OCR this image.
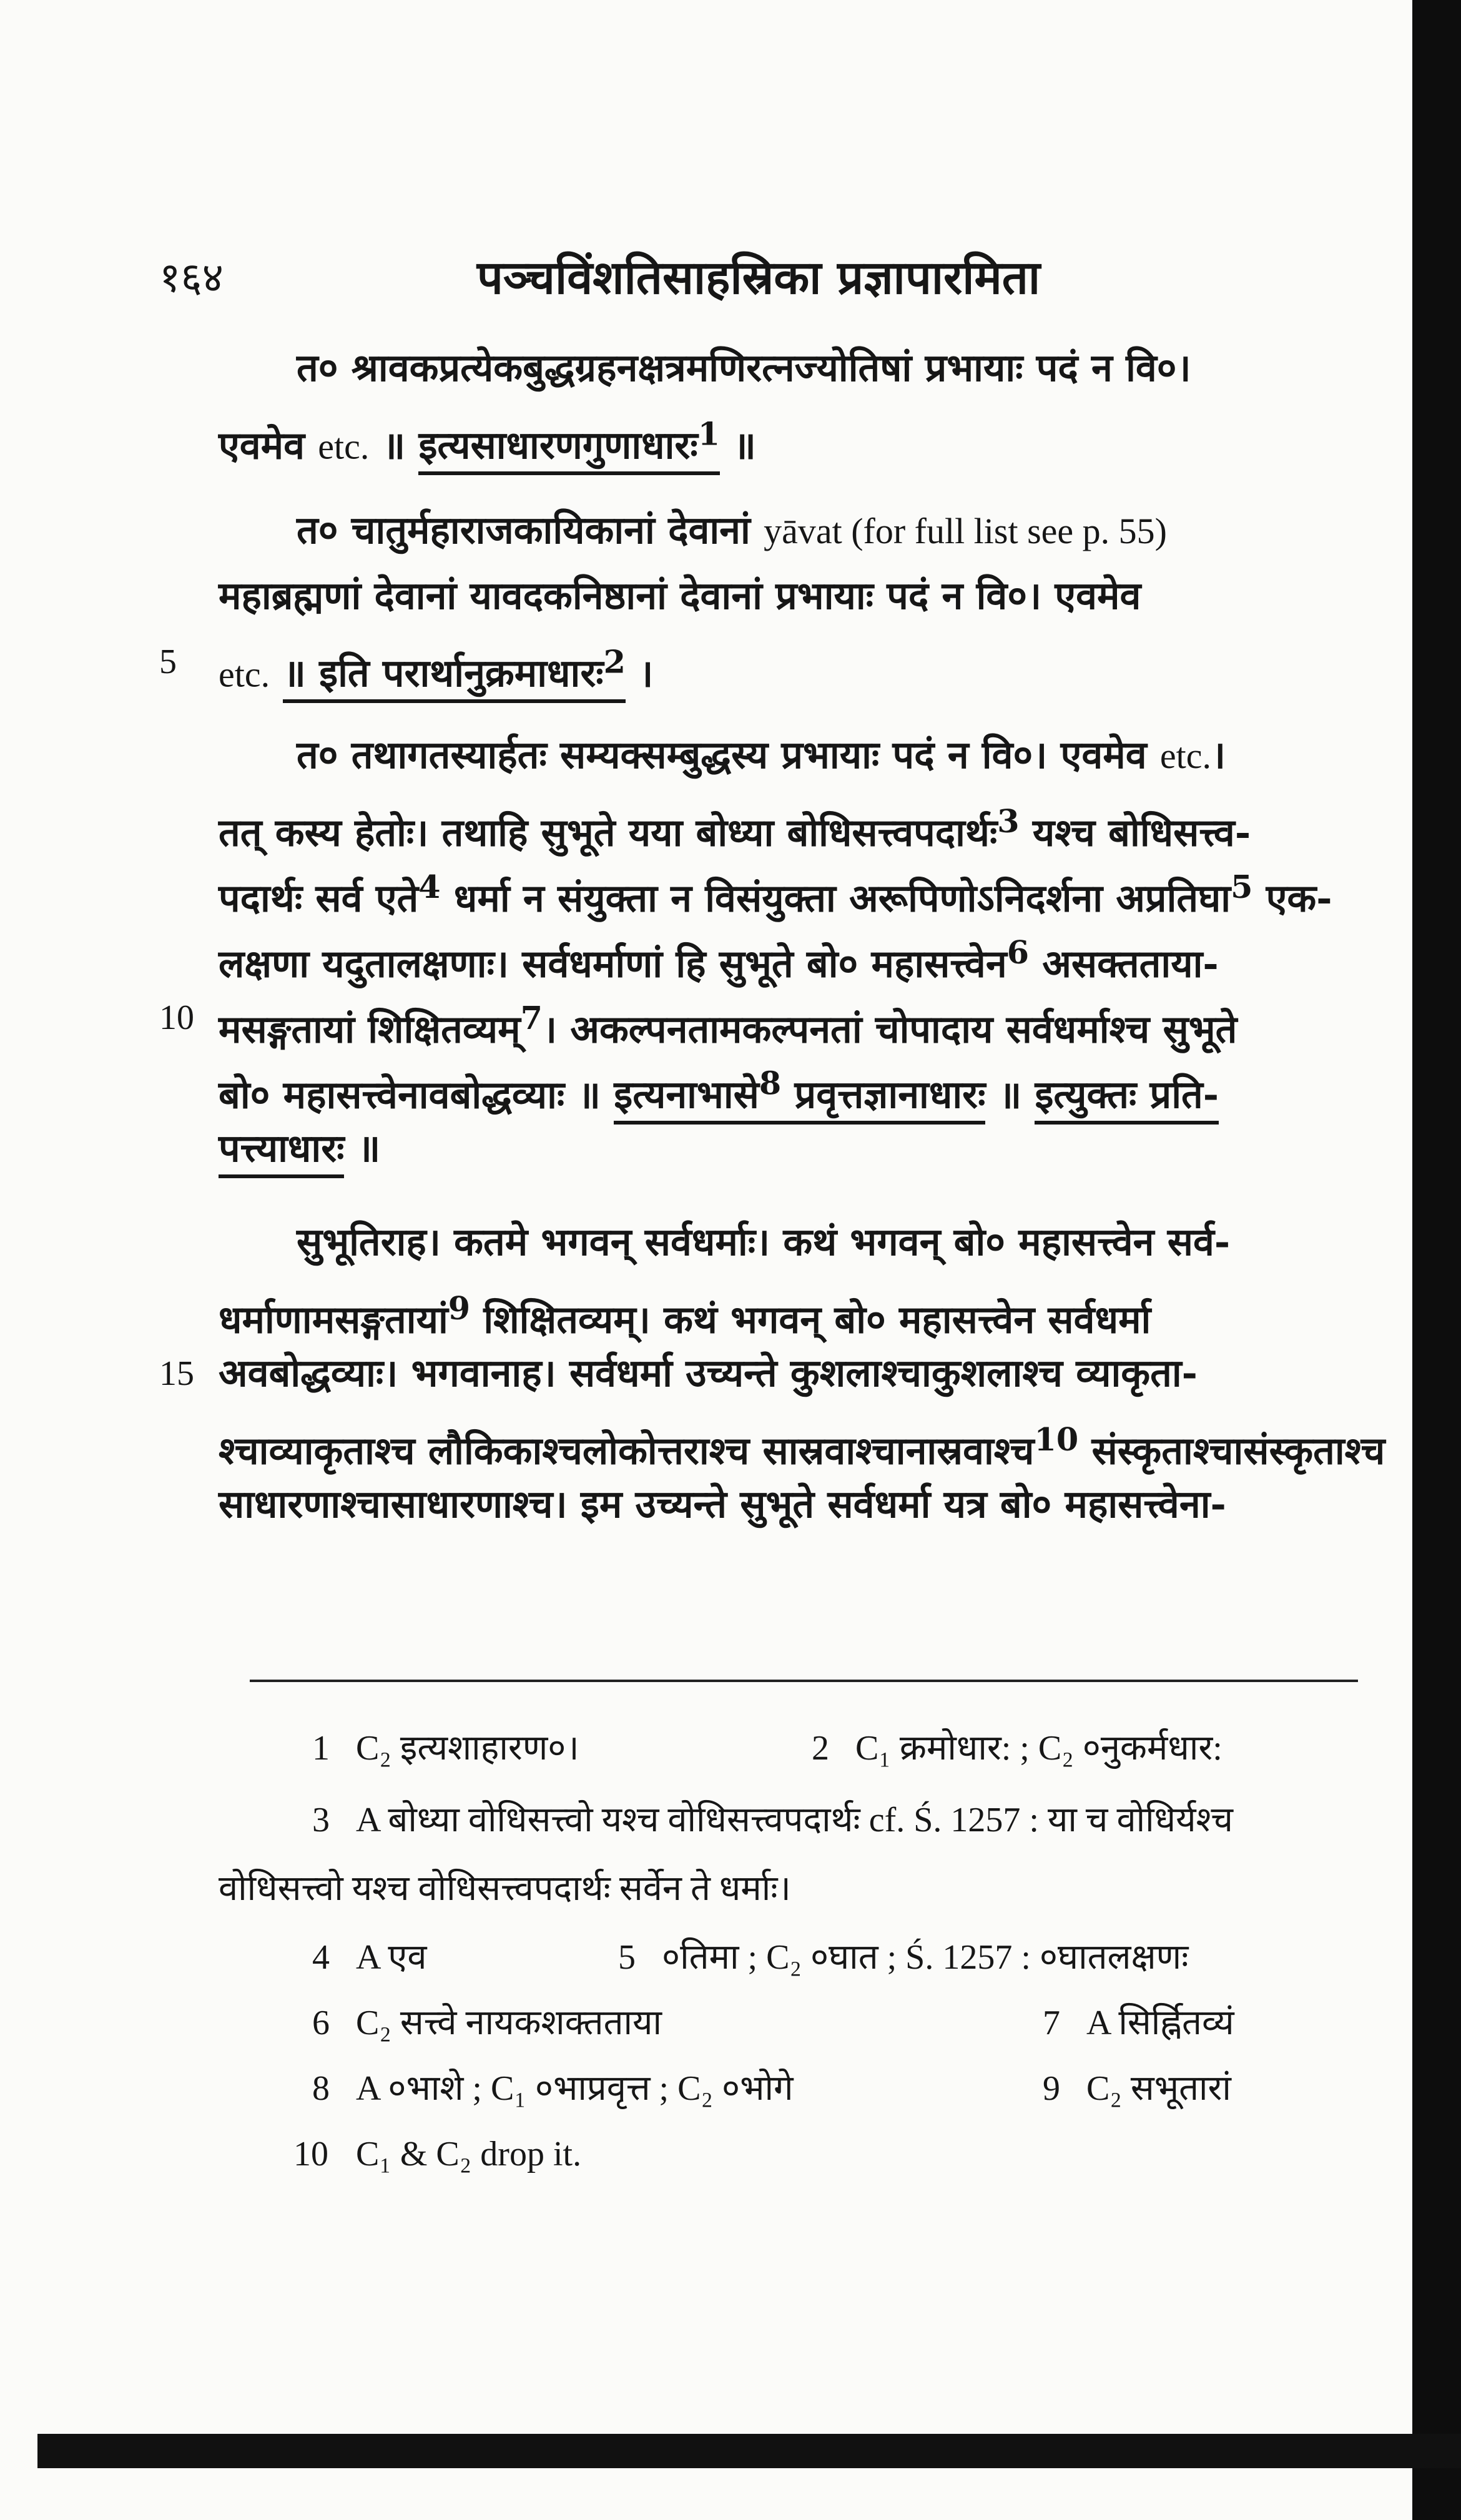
१६४	पञ्चविंशतिसाहस्रिका प्रज्ञापारमिता
त० श्रावकप्रत्येकबुद्धग्रहनक्षत्रमणिरत्नज्योतिषां प्रभायाः पदं न वि०।
एवमेव etc. ॥ इत्यसाधारणगुणाधारः$^1$ ॥
त० चातुर्महाराजकायिकानां देवानां yāvat (for full list see p. 55)
महाब्रह्मणां देवानां यावदकनिष्ठानां देवानां प्रभायाः पदं न वि०। एवमेव
5 etc. ॥ इति परार्थानुक्रमाधारः$^2$ ।
त० तथागतस्यार्हतः सम्यक्सम्बुद्धस्य प्रभायाः पदं न वि०। एवमेव etc.।
तत् कस्य हेतोः। तथाहि सुभूते यया बोध्या बोधिसत्त्वपदार्थः$^3$ यश्च बोधिसत्त्व-
पदार्थः सर्व एते$^4$ धर्मा न संयुक्ता न विसंयुक्ता अरूपिणोऽनिदर्शना अप्रतिघा$^5$ एक-
लक्षणा यदुतालक्षणाः। सर्वधर्माणां हि सुभूते बो० महासत्त्वेन$^6$ असक्तताया-
10 मसङ्गतायां शिक्षितव्यम्$^7$। अकल्पनतामकल्पनतां चोपादाय सर्वधर्माश्च सुभूते
बो० महासत्त्वेनावबोद्धव्याः ॥ इत्यनाभासे$^8$ प्रवृत्तज्ञानाधारः ॥ इत्युक्तः प्रति-
पत्त्याधारः ॥
सुभूतिराह। कतमे भगवन् सर्वधर्माः। कथं भगवन् बो० महासत्त्वेन सर्व-
धर्माणामसङ्गतायां$^9$ शिक्षितव्यम्। कथं भगवन् बो० महासत्त्वेन सर्वधर्मा
15 अवबोद्धव्याः। भगवानाह। सर्वधर्मा उच्यन्ते कुशलाश्चाकुशलाश्च व्याकृता-
श्चाव्याकृताश्च लौकिकाश्चलोकोत्तराश्च सास्रवाश्चानास्रवाश्च$^{10}$ संस्कृताश्चासंस्कृताश्च
साधारणाश्चासाधारणाश्च। इम उच्यन्ते सुभूते सर्वधर्मा यत्र बो० महासत्त्वेना-
1 C₂ इत्यशाहारण०।	2 C₁ क्रमोधार: ; C₂ ०नुकर्मधार:
3 A बोध्या वोधिसत्त्वो यश्च वोधिसत्त्वपदार्थः cf. Ś. 1257 : या च वोधिर्यश्च
वोधिसत्त्वो यश्च वोधिसत्त्वपदार्थः सर्वेन ते धर्माः।
4 A एव	5 ०तिमा ; C₂ ०घात ; Ś. 1257 : ०घातलक्षणः
6 C₂ सत्त्वे नायकशक्तताया	7 A सिर्ह्नितव्यं
8 A ०भाशे ; C₁ ०भाप्रवृत्त ; C₂ ०भोगे	9 C₂ सभूतारां
10 C₁ & C₂ drop it.
